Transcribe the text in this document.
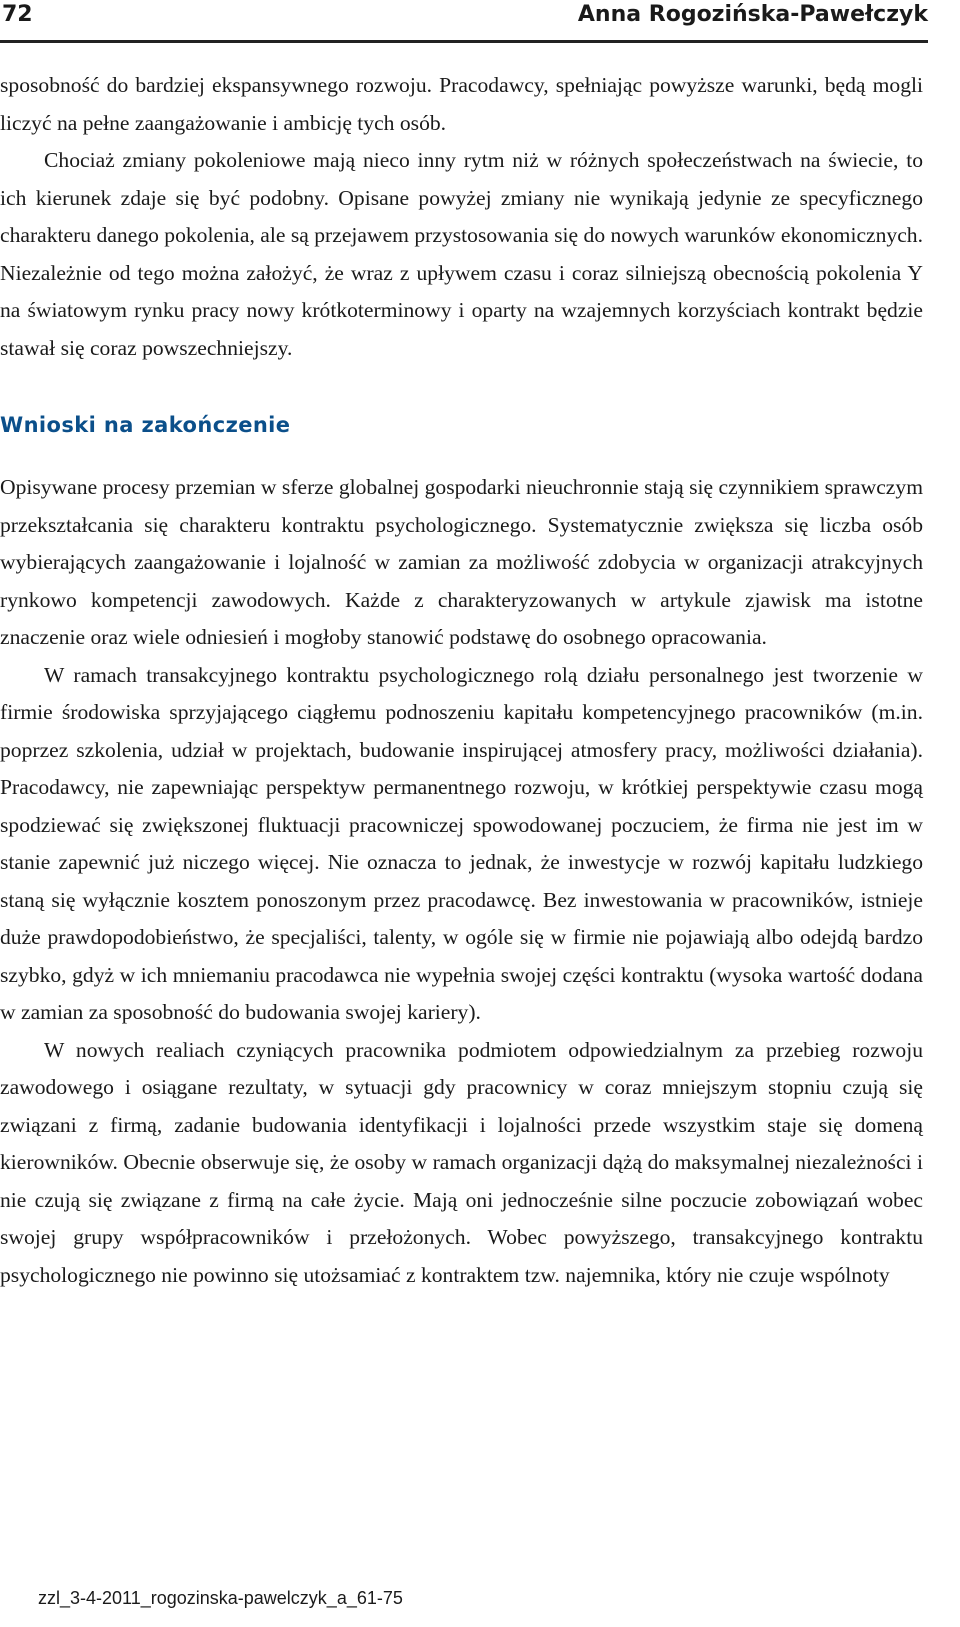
72	Anna Rogozińska-Pawełczyk

sposobność do bardziej ekspansywnego rozwoju. Pracodawcy, spełniając powyższe warunki, będą mogli liczyć na pełne zaangażowanie i ambicję tych osób.

Chociaż zmiany pokoleniowe mają nieco inny rytm niż w różnych społeczeństwach na świecie, to ich kierunek zdaje się być podobny. Opisane powyżej zmiany nie wynikają jedynie ze specyficznego charakteru danego pokolenia, ale są przejawem przystosowania się do nowych warunków ekonomicznych. Niezależnie od tego można założyć, że wraz z upływem czasu i coraz silniejszą obecnością pokolenia Y na światowym rynku pracy nowy krótkoterminowy i oparty na wzajemnych korzyściach kontrakt będzie stawał się coraz powszechniejszy.

Wnioski na zakończenie

Opisywane procesy przemian w sferze globalnej gospodarki nieuchronnie stają się czynnikiem sprawczym przekształcania się charakteru kontraktu psychologicznego. Systematycznie zwiększa się liczba osób wybierających zaangażowanie i lojalność w zamian za możliwość zdobycia w organizacji atrakcyjnych rynkowo kompetencji zawodowych. Każde z charakteryzowanych w artykule zjawisk ma istotne znaczenie oraz wiele odniesień i mogłoby stanowić podstawę do osobnego opracowania.

W ramach transakcyjnego kontraktu psychologicznego rolą działu personalnego jest tworzenie w firmie środowiska sprzyjającego ciągłemu podnoszeniu kapitału kompetencyjnego pracowników (m.in. poprzez szkolenia, udział w projektach, budowanie inspirującej atmosfery pracy, możliwości działania). Pracodawcy, nie zapewniając perspektyw permanentnego rozwoju, w krótkiej perspektywie czasu mogą spodziewać się zwiększonej fluktuacji pracowniczej spowodowanej poczuciem, że firma nie jest im w stanie zapewnić już niczego więcej. Nie oznacza to jednak, że inwestycje w rozwój kapitału ludzkiego staną się wyłącznie kosztem ponoszonym przez pracodawcę. Bez inwestowania w pracowników, istnieje duże prawdopodobieństwo, że specjaliści, talenty, w ogóle się w firmie nie pojawiają albo odejdą bardzo szybko, gdyż w ich mniemaniu pracodawca nie wypełnia swojej części kontraktu (wysoka wartość dodana w zamian za sposobność do budowania swojej kariery).

W nowych realiach czyniących pracownika podmiotem odpowiedzialnym za przebieg rozwoju zawodowego i osiągane rezultaty, w sytuacji gdy pracownicy w coraz mniejszym stopniu czują się związani z firmą, zadanie budowania identyfikacji i lojalności przede wszystkim staje się domeną kierowników. Obecnie obserwuje się, że osoby w ramach organizacji dążą do maksymalnej niezależności i nie czują się związane z firmą na całe życie. Mają oni jednocześnie silne poczucie zobowiązań wobec swojej grupy współpracowników i przełożonych. Wobec powyższego, transakcyjnego kontraktu psychologicznego nie powinno się utożsamiać z kontraktem tzw. najemnika, który nie czuje wspólnoty

zzl_3-4-2011_rogozinska-pawelczyk_a_61-75
